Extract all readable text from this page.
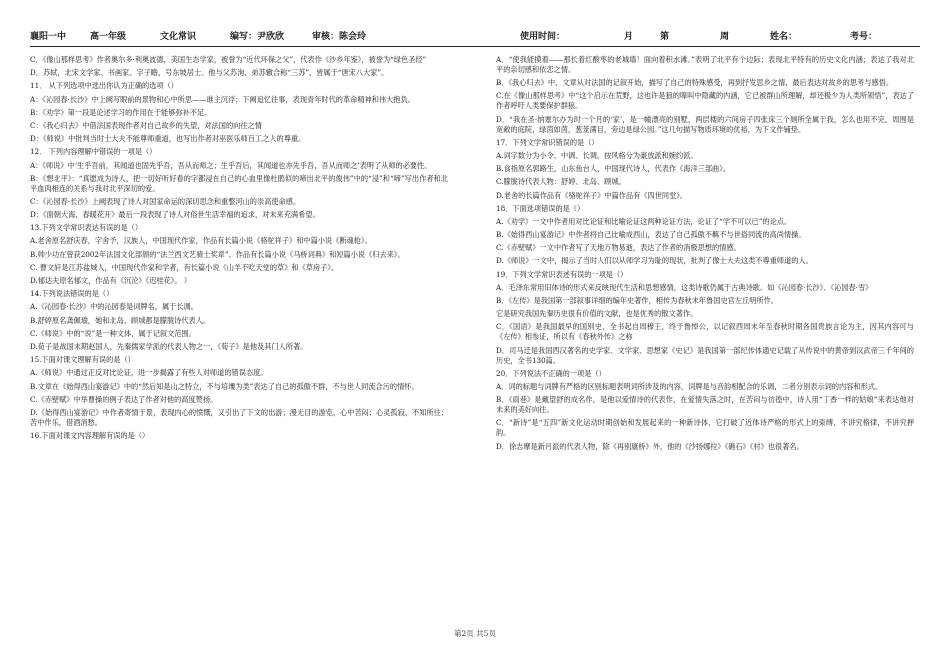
襄阳一中	高一年级	文化常识	编写：尹欣欣	审核：陈会玲	使用时间：	月	第	周	姓名：	考号：

C．《像山那样思考》作者奥尔多·利奥波德，美国生态学家，被誉为“近代环保之父”，代表作《沙乡年鉴》，被誉为“绿色圣经”

D．苏轼，北宋文学家、书画家、字子瞻，号东坡居士。他与父苏洵、弟苏辙合称“三苏”，皆属于“唐宋八大家”。

11． 从下列选项中选出你认为正确的选项（）

A：《沁园春·长沙》中上阙写眼前的景物和心中所思——谁主沉浮；下阙追忆往事，表现青年时代的革命精神和伟大抱负。

B：《劝学》第一段是论述学习的作用在于能够弥补不足。

C：《我心归去》中借法国表现作者对自己故乡的失望，对法国的向往之情

D：《师说》中批判当时士大夫不能尊师重道，也写出作者对巫医乐师百工之人的尊重。

12． 下列内容理解中错误的一项是（）

A：《师说》中‘生乎吾前，其闻道也固先乎吾，吾从而师之；生乎吾后，其闻道也亦先乎吾，吾从而师之’表明了从师的必要性。

B：《想北平》：“真愿成为诗人，把一切好听好看的字都浸在自己的心血里像杜鹃似的啼出北平的俊伟”中的“浸”和“啼”写出作者和北平血肉相连的关系与我对北平深切的爱。

C：《沁园春·长沙》上阙表现了诗人对国家命运的深切思念和重整河山的崇高使命感。

D：《面朝大海，春暖花开》最后一段表现了诗人对俗世生活幸福的追求，对未来充满希望。

13.下列文学常识表达有误的是（）

A.老舍原名舒庆春，字舍予，汉族人，中国现代作家，作品有长篇小说《骆驼祥子》和中篇小说《断魂枪》。

B.帅少功在曾获2002年法国文化部颁的“法兰西文艺骑士奖章”。作品有长篇小说《马桥词典》和短篇小说《归去来》。

C. 曹文轩是江苏盐城人，中国现代作家和学者，有长篇小说《山羊不吃天堂的草》和《草房子》。

D.郁达夫原名郁文，作品有《沉沦》《迟桂花》。 ）

14.下列说法错误的是（）

A.《沁园春·长沙》中的沁园春是词牌名，属于长调。

B.舒婷原名龚佩瑜，她和北岛、顾城都是朦胧诗代表人。

C.《师说》中的“说”是一种文体，属于记叙文范围。

D.荀子是战国末期赵国人，先秦儒家学派的代表人物之一，《荀子》是他及其门人所著。

15.下面对课文理解有误的是（）

A.《师说》中通过正反对比论证，进一步揭露了有些人对师道的错误态度。

B.文章在《始得西山宴游记》中的“然后知是山之特立，不与培塿为类”表达了自己的孤傲不群，不与世人同流合污的情怀。

C.《赤壁赋》中举曹操的例子表达了作者对他的高度赞扬。

D.《始得西山宴游记》中作者寄情于景，表现内心的愤慨，又引出了下文的出游；漫无目的游览，心中苦闷；心灵孤寂，不知所往；苦中作乐，借酒消愁。

16.下面对课文内容理解有误的是（）

A．“使我能摸着——那长着红酸枣的老城墙！面向着积水滩。”表明了北平有个边际；表现北平特有的历史文化内涵；表达了我对北平的亲切感和依恋之情。

B．《我心归去》中，文章从对法国的记叙开始，描写了自己的特殊感受，再到抒发思乡之情，最后表达对故乡的思考与感悟。

C.在《像山那样思考》中“这个启示在荒野，这也许是狼的嗥叫中隐藏的内涵，它已被群山所理解，却还极少为人类所领悟”，表达了作者呼吁人类要保护群狼。

D．“我在圣·纳塞尔办为时一个月的‘家’，是一幢漂亮的别墅，两层楼的六间房子四张床三个厕所全属于我，怎么也用不完，周围是宽敞的庭院，绿茵如茵，葱茏满目，旁边是绿公园。”这几句描写物质环境的优裕，为下文作铺垫。

17．下列文学常识错误的是（）

A.词字数分为小令、中调、长调。按风格分为豪放派和婉约派。

B.食指原名郭路生，山东鱼台人，中国现代诗人，代表作《海洋三部曲》。

C.朦胧诗代表人物：舒婷、北岛、顾城。

D.老舍的长篇作品有《骆驼祥子》中篇作品有《四世同堂》。

18．下面选项错误的是（）

A.《劝学》一文中作者用对比论证和比喻论证这两种论证方法，论证了“学不可以已”的论点。

B.《始得西山宴游记》中作者将自己比喻成西山，表达了自己孤傲不羁不与世俗同流的高尚情操。

C.《赤壁赋》一文中作者写了天地万物易逝，表达了作者的消极思想的情感。

D.《师说》一文中，揭示了当时人们以从师学习为耻的现状，批判了像士大夫这类不尊重师道的人。

19．下列文学常识表述有误的一项是（）

A．毛泽东常用旧体诗的形式来反映现代生活和思想感情，这类诗歌仍属于古典诗歌。如《沁园春·长沙》、《沁园春·雪》

B．《左传》是我国第一部叙事详细的编年史著作，相传为春秋末年鲁国史官左丘明所作。

它是研究我国先秦历史很有价值的文献，也是优秀的散文著作。

C．《国语》是我国最早的国别史，全书起自周穆王，终于鲁悼公，以记叙西周末年至春秋时期各国贵族言论为主，因其内容可与《左传》相参证，所以有《春秋外传》之称

D．司马迁是我国西汉著名的史学家、文学家、思想家《史记》是我国第一部纪传体通史记载了从传说中的黄帝到汉武帝三千年间的历史，全书130篇。

20．下列说法不正确的一项是（）

A．词的标题与词牌有严格的区别标题表明词所涉及的内容，词牌是与音韵相配合的乐调，二者分别表示词的内容和形式。

B．《雨巷》是戴望舒的成名作，是他以爱情诗的代表作，在爱情失落之时，在苦闷与彷徨中，诗人用“丁香一样的姑娘”来表达他对未来的美好向往。

C．“新诗”是“五四”新文化运动时期创始和发展起来的一种新诗体，它打破了近体诗严格的形式上的束缚，不讲究格律，不讲究押韵。

D．徐志摩是新月派的代表人物，除《再别康桥》外，他的《沙扬娜拉》《礁石》《村》也很著名。

第2页 共5页
